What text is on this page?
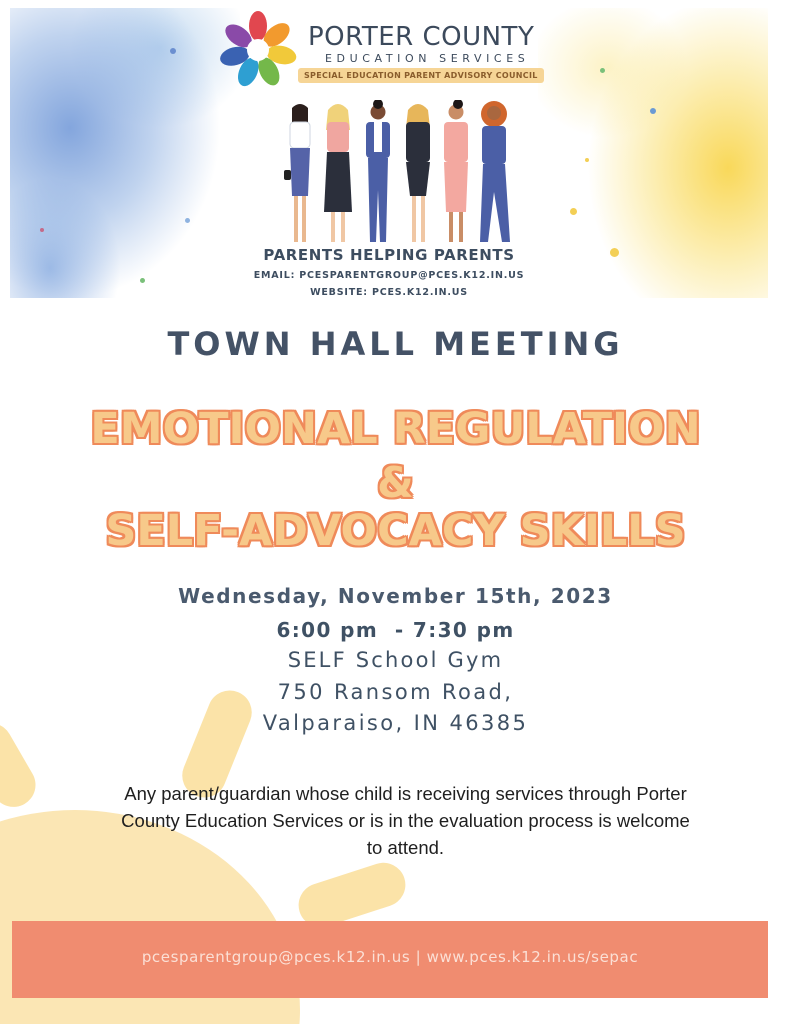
PORTER COUNTY
EDUCATION SERVICES
SPECIAL EDUCATION PARENT ADVISORY COUNCIL
PARENTS HELPING PARENTS
EMAIL: PCESPARENTGROUP@PCES.K12.IN.US
WEBSITE: PCES.K12.IN.US
TOWN HALL MEETING
EMOTIONAL REGULATION
&
SELF-ADVOCACY SKILLS
Wednesday, November 15th, 2023
6:00 pm  - 7:30 pm
SELF School Gym
750 Ransom Road,
Valparaiso, IN 46385
Any parent/guardian whose child is receiving services through Porter County Education Services or is in the evaluation process is welcome to attend.
pcesparentgroup@pces.k12.in.us | www.pces.k12.in.us/sepac
